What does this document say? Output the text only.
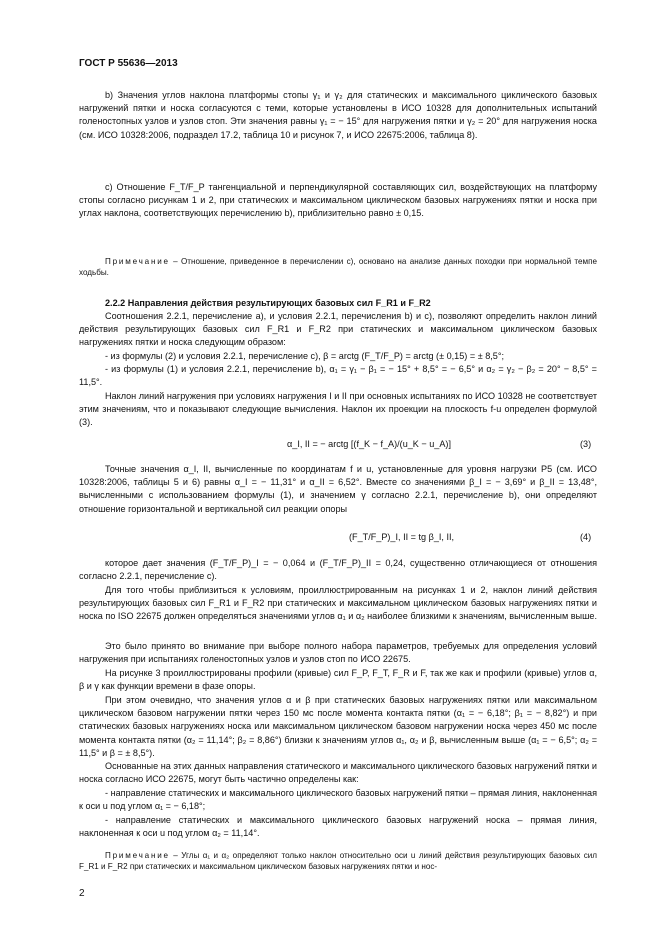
ГОСТ Р 55636—2013

b) Значения углов наклона платформы стопы γ₁ и γ₂ для статических и максимального циклического базовых нагружений пятки и носка согласуются с теми, которые установлены в ИСО 10328 для дополнительных испытаний голеностопных узлов и узлов стоп. Эти значения равны γ₁ = − 15° для нагружения пятки и γ₂ = 20° для нагружения носка (см. ИСО 10328:2006, подраздел 17.2, таблица 10 и рисунок 7, и ИСО 22675:2006, таблица 8).

с) Отношение F_T/F_P тангенциальной и перпендикулярной составляющих сил, воздействующих на платформу стопы согласно рисункам 1 и 2, при статических и максимальном циклическом базовых нагружениях пятки и носка при углах наклона, соответствующих перечислению b), приблизительно равно ± 0,15.

Примечание – Отношение, приведенное в перечислении с), основано на анализе данных походки при нормальной темпе ходьбы.

2.2.2 Направления действия результирующих базовых сил F_R1 и F_R2

Соотношения 2.2.1, перечисление а), и условия 2.2.1, перечисления b) и с), позволяют определить наклон линий действия результирующих базовых сил F_R1 и F_R2 при статических и максимальном циклическом базовых нагружениях пятки и носка следующим образом:

- из формулы (2) и условия 2.2.1, перечисление с), β = arctg (F_T/F_P) = arctg (± 0,15) = ± 8,5°;

- из формулы (1) и условия 2.2.1, перечисление b), α₁ = γ₁ − β₁ = − 15° + 8,5° = − 6,5° и α₂ = γ₂ − β₂ = 20° − 8,5° = 11,5°.

Наклон линий нагружения при условиях нагружения I и II при основных испытаниях по ИСО 10328 не соответствует этим значениям, что и показывают следующие вычисления. Наклон их проекции на плоскость f-u определен формулой (3).

α_I, II = − arctg [(f_K − f_A)/(u_K − u_A)]	(3)

Точные значения α_I, II, вычисленные по координатам f и u, установленные для уровня нагрузки P5 (см. ИСО 10328:2006, таблицы 5 и 6) равны α_I = − 11,31° и α_II = 6,52°. Вместе со значениями β_I = − 3,69° и β_II = 13,48°, вычисленными с использованием формулы (1), и значением γ согласно 2.2.1, перечисление b), они определяют отношение горизонтальной и вертикальной сил реакции опоры

(F_T/F_P)_I, II = tg β_I, II,	(4)

которое дает значения (F_T/F_P)_I = − 0,064 и (F_T/F_P)_II = 0,24, существенно отличающиеся от отношения согласно 2.2.1, перечисление с).

Для того чтобы приблизиться к условиям, проиллюстрированным на рисунках 1 и 2, наклон линий действия результирующих базовых сил F_R1 и F_R2 при статических и максимальном циклическом базовых нагружениях пятки и носка по ISO 22675 должен определяться значениями углов α₁ и α₂ наиболее близкими к значениям, вычисленным выше.

Это было принято во внимание при выборе полного набора параметров, требуемых для определения условий нагружения при испытаниях голеностопных узлов и узлов стоп по ИСО 22675.

На рисунке 3 проиллюстрированы профили (кривые) сил F_P, F_T, F_R и F, так же как и профили (кривые) углов α, β и γ как функции времени в фазе опоры.

При этом очевидно, что значения углов α и β при статических базовых нагружениях пятки или максимальном циклическом базовом нагружении пятки через 150 мс после момента контакта пятки (α₁ = − 6,18°; β₁ = − 8,82°) и при статических базовых нагружениях носка или максимальном циклическом базовом нагружении носка через 450 мс после момента контакта пятки (α₂ = 11,14°; β₂ = 8,86°) близки к значениям углов α₁, α₂ и β, вычисленным выше (α₁ = − 6,5°; α₂ = 11,5° и β = ± 8,5°).

Основанные на этих данных направления статического и максимального циклического базовых нагружений пятки и носка согласно ИСО 22675, могут быть частично определены как:

- направление статических и максимального циклического базовых нагружений пятки – прямая линия, наклоненная к оси u под углом α₁ = − 6,18°;

- направление статических и максимального циклического базовых нагружений носка – прямая линия, наклоненная к оси u под углом α₂ = 11,14°.

Примечание – Углы α₁ и α₂ определяют только наклон относительно оси u линий действия результирующих базовых сил F_R1 и F_R2 при статических и максимальном циклическом базовых нагружениях пятки и нос-

2
